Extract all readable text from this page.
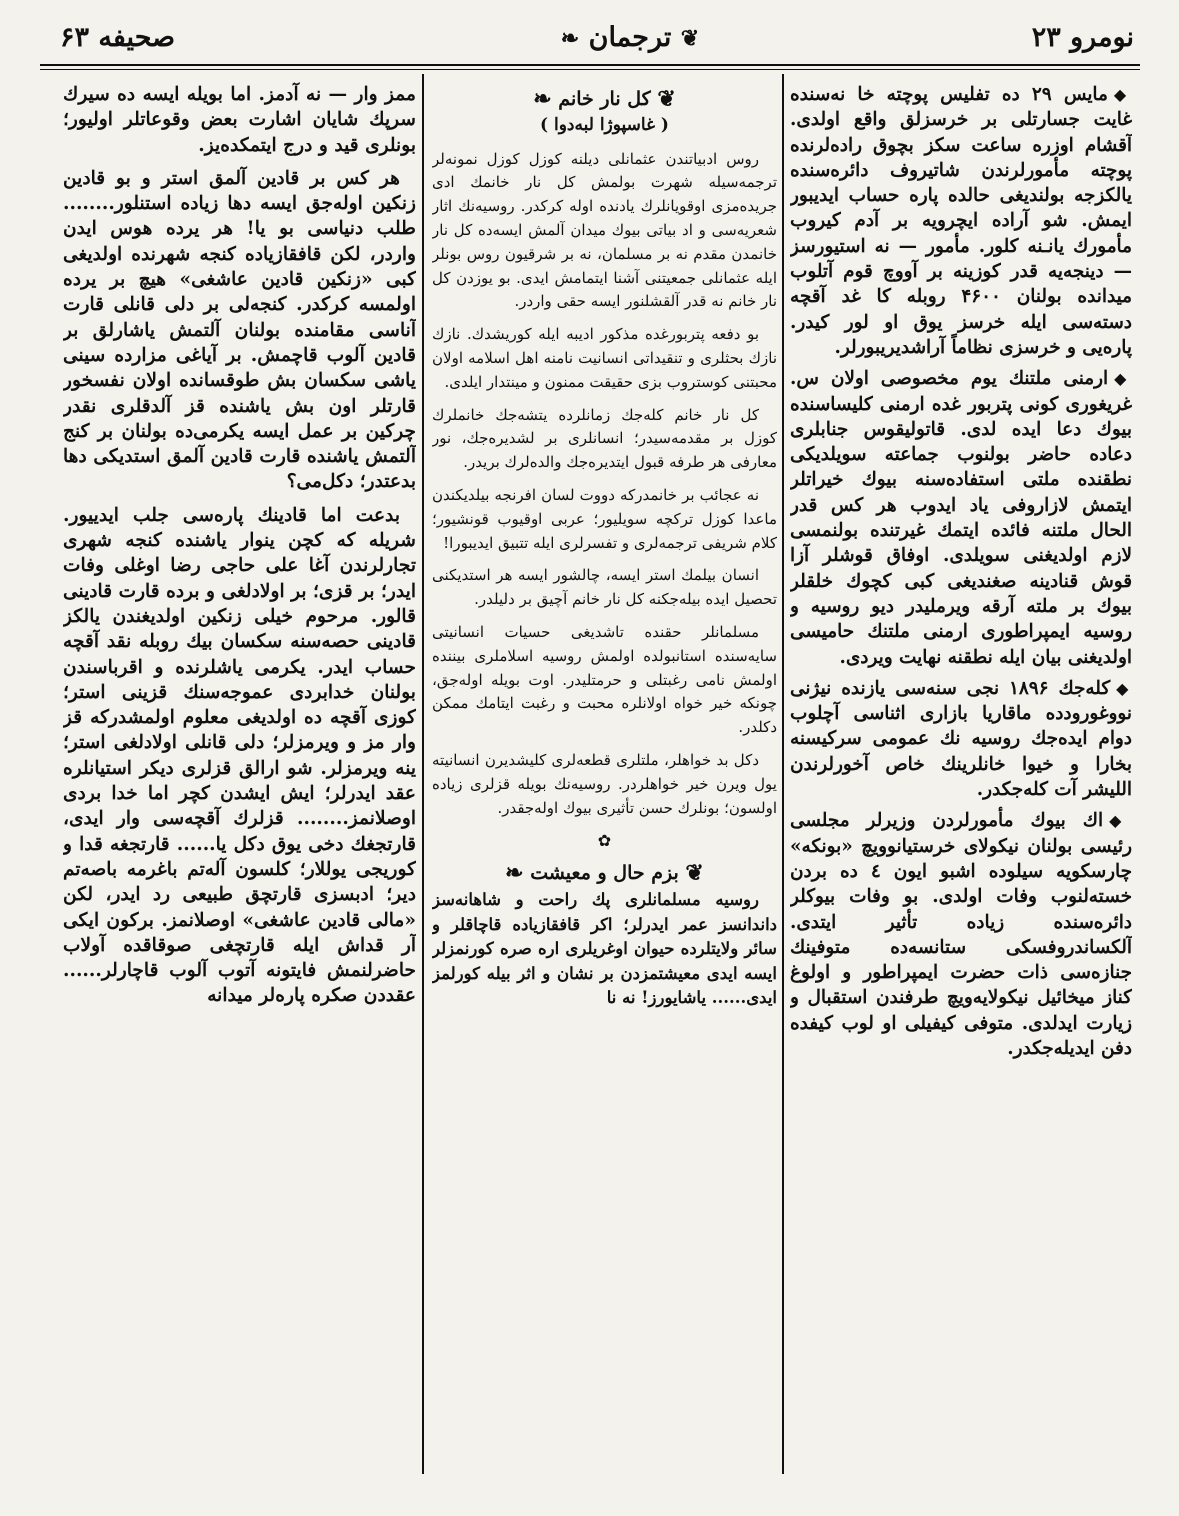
نومرو ۲۳
❦ ترجمان ❧
صحیفه ۶۳

◆مایس ۲۹ ده تفلیس پوچته خا نه‌سنده غایت جسارتلی بر خرسزلق واقع اولدی. آقشام اوزره ساعت سکز بچوق رادەلرنده پوچته مأمورلرندن شاتیروف دائره‌سنده یالکزجه بولندیغی حالده پاره حساب ایدیبور ایمش. شو آراده ایچرویه بر آدم کیروب مأمورك یانـنه کلور. مأمور — نه استیورسز — دینجه‌یه قدر کوزینه بر آووچ قوم آتلوب میدانده بولنان ۴۶۰۰ روبله کا غد آقچه دستەسی ایله خرسز یوق او لور کیدر. پاره‌یی و خرسزی نظاماً آراشدیریبورلر.

◆ارمنی ملتنك یوم مخصوصی اولان س. غریغوری کونی پتربور غده ارمنی کلیساسنده بیوك دعا ایده لدی. قاتولیقوس جنابلری دعاده حاضر بولنوب جماعته سویلدیکی نطقنده ملتی استفاده‌سنه بیوك خیراتلر ایتمش لازاروفی یاد ایدوب هر کس قدر الحال ملتنه فائده ایتمك غیرتنده بولنمسی لازم اولدیغنی سویلدی. اوفاق قوشلر آزا قوش قنادینه صغندیغی کبی کچوك خلقلر بیوك بر ملته آرقه ویرملیدر دیو روسیه و روسیه ایمپراطوری ارمنی ملتنك حامیسی اولدیغنی بیان ایله نطقنه نهایت ویردی.

◆کله‌جك ۱۸۹۶ نجی سنه‌سی یازنده نیژنی نووغورودده ماقاریا بازاری اثناسی آچلوب دوام ایده‌جك روسیه نك عمومی سرکیسنه بخارا و خیوا خانلرینك خاص آخورلرندن اللیشر آت کله‌جکدر.

◆اك بیوك مأمورلردن وزیرلر مجلسی رئیسی بولنان نیکولای خرستیانوویچ «بونکه» چارسکویه سیلوده اشبو ایون ٤ ده بردن خسته‌لنوب وفات اولدی. بو وفات بیوکلر دائره‌سنده زیاده تأثیر ایتدی. آلکساندروفسکی ستانسه‌ده متوفینك جنازه‌سی ذات حضرت ایمپراطور و اولوغ کناز میخائیل نیکولایه‌ویچ طرفندن استقبال و زیارت ایدلدی. متوفی کیفیلی او لوب کیفده دفن ایدیله‌جکدر.

❦ کل نار خانم ❧

( غاسپوژا لبه‌دوا )

روس ادبیاتندن عثمانلی دیلنه کوزل کوزل نمونه‌لر ترجمه‌سیله شهرت بولمش کل نار خانمك ادی جریده‌مزی اوقویانلرك یادنده اوله کرکدر. روسیه‌نك اثار شعریه‌سی و اد بیاتی بیوك میدان آلمش ایسه‌ده کل نار خانمدن مقدم نه بر مسلمان، نه بر شرقیون روس بونلر ایله عثمانلی جمعیتنی آشنا ایتمامش ایدی. بو یوزدن کل نار خانم نه قدر آلقشلنور ایسه حقی واردر.

بو دفعه پتربورغده مذکور ادیبه ایله کوریشدك. نازك نازك بحثلری و تنقیداتی انسانیت نامنه اهل اسلامه اولان محبتنی کوستروب بزی حقیقت ممنون و مینتدار ایلدی.

کل نار خانم کله‌جك زمانلرده یتشه‌جك خانملرك کوزل بر مقدمه‌سیدر؛ انسانلری بر لشدیره‌جك، نور معارفی هر طرفه قبول ایتدیره‌جك والده‌لرك بریدر.

نه عجائب بر خانمدرکه دووت لسان افرنجه بیلدیکندن ماعدا کوزل ترکچه سویلیور؛ عربی اوقیوب قونشیور؛ کلام شریفی ترجمه‌لری و تفسرلری ایله تتبیق ایدیبورا!

انسان بیلمك استر ایسه، چالشور ایسه هر استدیکنی تحصیل ایده بیله‌جکنه کل نار خانم آچیق بر دلیلدر.

مسلمانلر حقنده تاشدیغی حسیات انسانیتی سایه‌سنده استانبولده اولمش روسیه اسلاملری بیننده اولمش نامی رغبتلی و حرمتلیدر. اوت بویله اوله‌جق، چونکه خیر خواه اولانلره محبت و رغبت ایتامك ممکن دکلدر.

دکل بد خواهلر، ملتلری قطعه‌لری کلیشدیرن انسانیته یول ویرن خیر خواهلردر. روسیه‌نك بویله قزلری زیاده اولسون؛ بونلرك حسن تأثیری بیوك اوله‌جقدر.

✿

❦ بزم حال و معیشت ❧

روسیه مسلمانلری پك راحت و شاهانه‌سز داندانسز عمر ایدرلر؛ اکر قافقازیاده قاچاقلر و سائر ولایتلرده حیوان اوغریلری اره صره کورنمزلر ایسه ایدی معیشتمزدن بر نشان و اثر بیله کورلمز ایدی...... یاشایورز! نه نا

ممز وار — نه آدمز. اما بویله ایسه ده سیرك سرپك شایان اشارت بعض وقوعاتلر اولیور؛ بونلری قید و درج ایتمکده‌یز.

هر کس بر قادین آلمق استر و بو قادین زنکین اوله‌جق ایسه دها زیاده استنلور........ طلب دنیاسی بو یا! هر یرده هوس ایدن واردر، لکن قافقازیاده کنجه شهرنده اولدیغی کبی «زنکین قادین عاشغی» هیچ بر یرده اولمسه کرکدر. کنجه‌لی بر دلی قانلی قارت آناسی مقامنده بولنان آلتمش یاشارلق بر قادین آلوب قاچمش. بر آیاغی مزارده سینی یاشی سکسان بش طوقسانده اولان نفسخور قارتلر اون بش یاشنده قز آلدقلری نقدر چرکین بر عمل ایسه یکرمی‌ده بولنان بر کنج آلتمش یاشنده قارت قادین آلمق استدیکی دها بدعتدر؛ دکل‌می؟

بدعت اما قادینك پاره‌سی جلب ایدییور. شریله که کچن ینوار یاشنده کنجه شهری تجارلرندن آغا علی حاجی رضا اوغلی وفات ایدر؛ بر قزی؛ بر اولادلغی و برده قارت قادینی قالور. مرحوم خیلی زنکین اولدیغندن یالکز قادینی حصه‌سنه سکسان بیك روبله نقد آقچه حساب ایدر. یکرمی یاشلرنده و اقرباسندن بولنان خدابردی عموجه‌سنك قزینی استر؛ کوزی آقچه ده اولدیغی معلوم اولمشدرکه قز وار مز و ویرمزلر؛ دلی قانلی اولادلغی استر؛ ینه ویرمزلر. شو ارالق قزلری دیکر استیانلره عقد ایدرلر؛ ایش ایشدن کچر اما خدا بردی اوصلانمز........ قزلرك آقچه‌سی وار ایدی، قارتجغك دخی یوق دکل یا...... قارتجغه قدا و کوریجی یوللار؛ کلسون آله‌تم باغرمه باصه‌تم دیر؛ ادبسزی قارتچق طبیعی رد ایدر، لکن «مالی قادین عاشغی» اوصلانمز. برکون ایکی آر قداش ایله قارتچغی صوقاقده آولاب حاضرلنمش فایتونه آتوب آلوب قاچارلر...... عقددن صکره پاره‌لر میدانه
